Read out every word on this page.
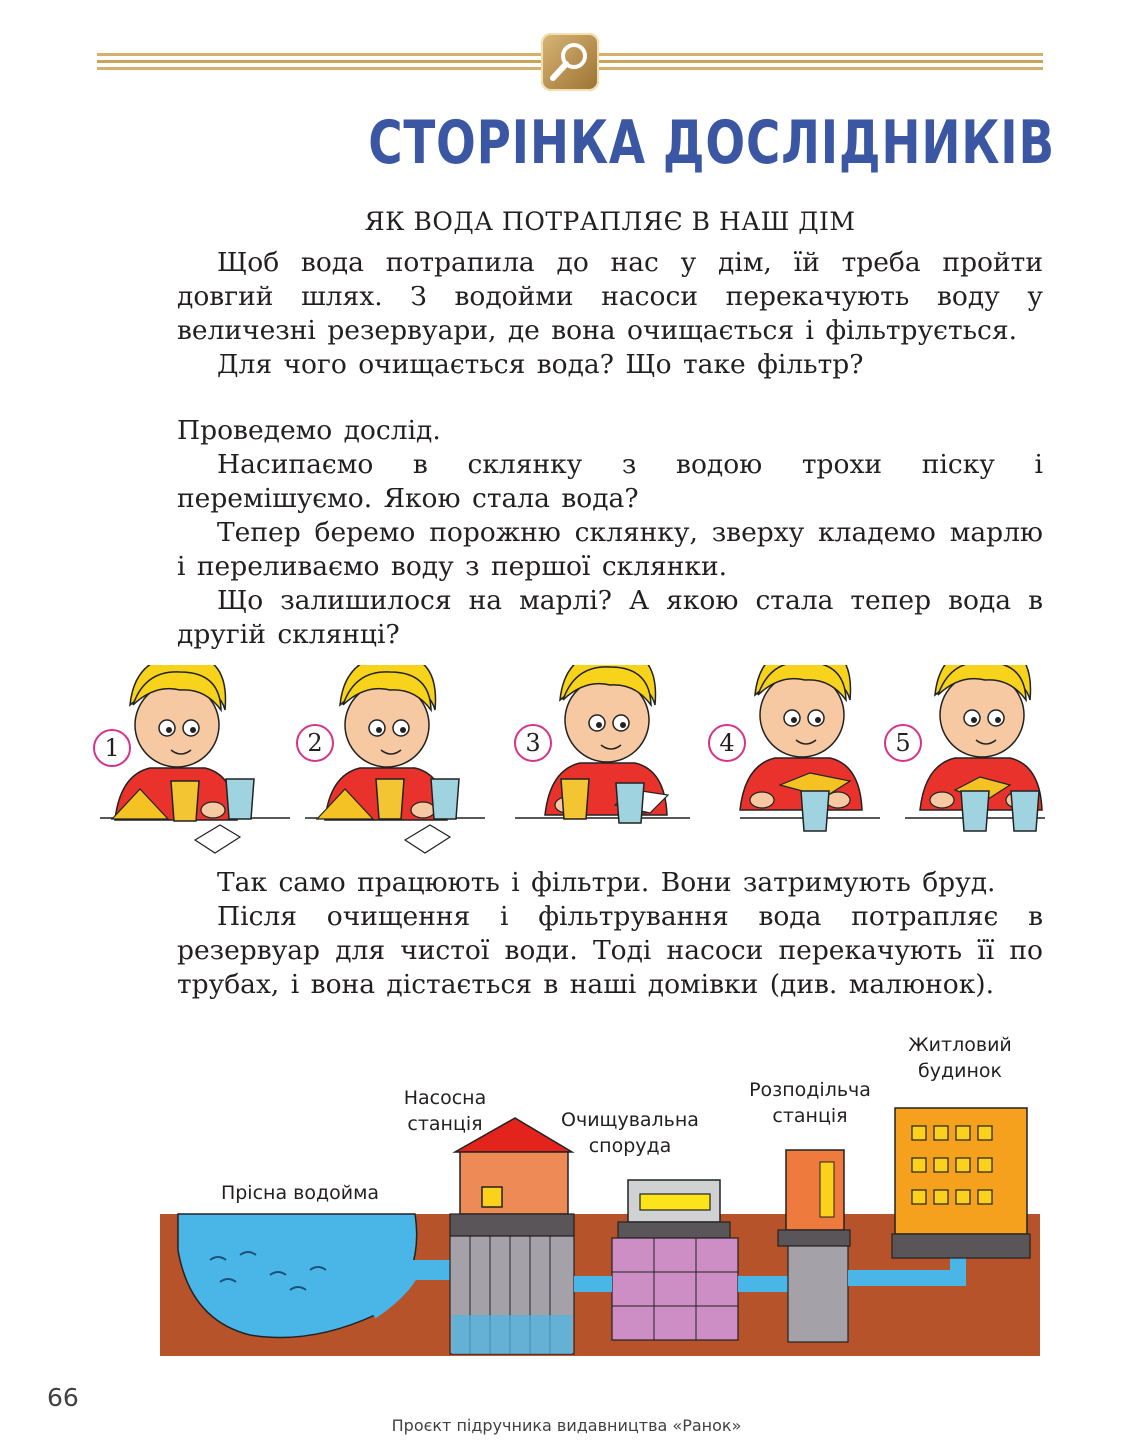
СТОРІНКА ДОСЛІДНИКІВ
ЯК ВОДА ПОТРАПЛЯЄ В НАШ ДІМ
Щоб вода потрапила до нас у дім, їй треба пройти довгий шлях. З водойми насоси перекачують воду у величезні резервуари, де вона очищається і фільтрується.
Для чого очищається вода? Що таке фільтр?
Проведемо дослід.
Насипаємо в склянку з водою трохи піску і перемішуємо. Якою стала вода?
Тепер беремо порожню склянку, зверху кладемо марлю і переливаємо воду з першої склянки.
Що залишилося на марлі? А якою стала тепер вода в другій склянці?
1	2	3	4	5
Так само працюють і фільтри. Вони затримують бруд.
Після очищення і фільтрування вода потрапляє в резервуар для чистої води. Тоді насоси перекачують її по трубах, і вона дістається в наші домівки (див. малюнок).
Прісна водойма
Насосна станція	Очищувальна споруда
Розподільча станція
Житловий будинок
66
Проєкт підручника видавництва «Ранок»
